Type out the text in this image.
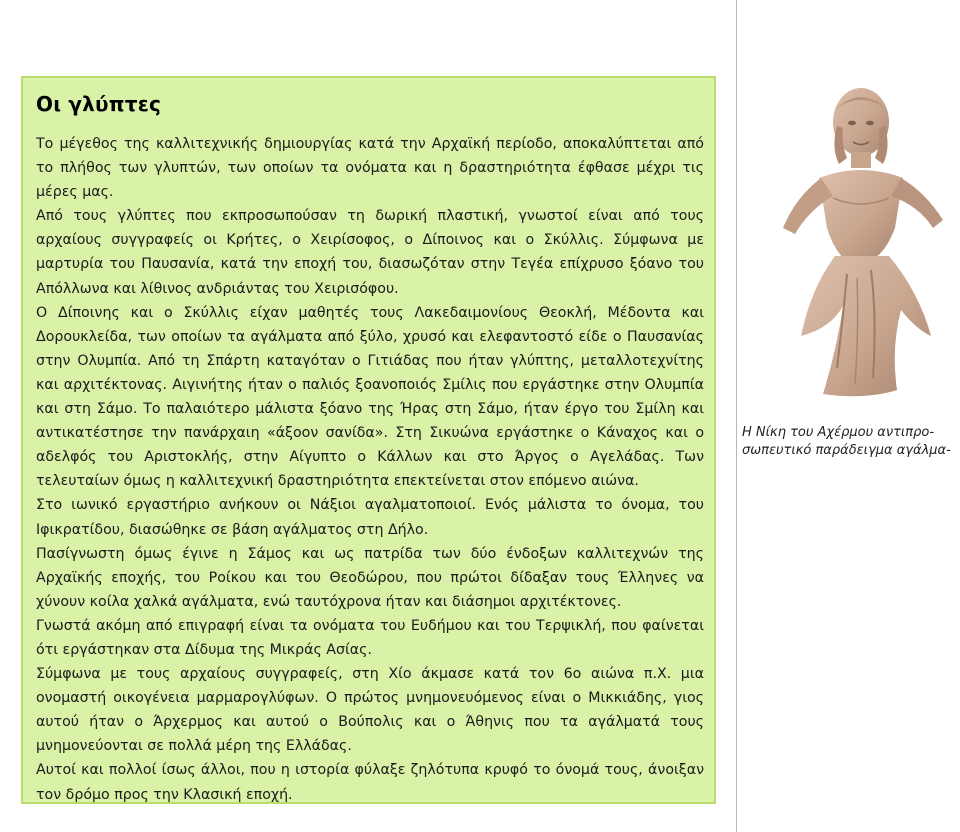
Οι γλύπτες

Το μέγεθος της καλλιτεχνικής δημιουργίας κατά την Αρχαϊκή περίοδο, αποκαλύπτεται από το πλήθος των γλυπτών, των οποίων τα ονόματα και η δραστηριότητα έφθασε μέχρι τις μέρες μας.

Από τους γλύπτες που εκπροσωπούσαν τη δωρική πλαστική, γνωστοί είναι από τους αρχαίους συγγραφείς οι Κρήτες, ο Χειρίσοφος, ο Δίποινος και ο Σκύλλις. Σύμφωνα με μαρτυρία του Παυσανία, κατά την εποχή του, διασωζόταν στην Τεγέα επίχρυσο ξόανο του Απόλλωνα και λίθινος ανδριάντας του Χειρισόφου.

Ο Δίποινης και ο Σκύλλις είχαν μαθητές τους Λακεδαιμονίους Θεοκλή, Μέδοντα και Δορουκλείδα, των οποίων τα αγάλματα από ξύλο, χρυσό και ελεφαντοστό είδε ο Παυσανίας στην Ολυμπία. Από τη Σπάρτη καταγόταν ο Γιτιάδας που ήταν γλύπτης, μεταλλοτεχνίτης και αρχιτέκτονας. Αιγινήτης ήταν ο παλιός ξοανοποιός Σμίλις που εργάστηκε στην Ολυμπία και στη Σάμο. Το παλαιότερο μάλιστα ξόανο της Ήρας στη Σάμο, ήταν έργο του Σμίλη και αντικατέστησε την πανάρχαιη «άξοον σανίδα». Στη Σικυώνα εργάστηκε ο Κάναχος και ο αδελφός του Αριστοκλής, στην Αίγυπτο ο Κάλλων και στο Άργος ο Αγελάδας. Των τελευταίων όμως η καλλιτεχνική δραστηριότητα επεκτείνεται στον επόμενο αιώνα.

Στο ιωνικό εργαστήριο ανήκουν οι Νάξιοι αγαλματοποιοί. Ενός μάλιστα το όνομα, του Ιφικρατίδου, διασώθηκε σε βάση αγάλματος στη Δήλο.

Πασίγνωστη όμως έγινε η Σάμος και ως πατρίδα των δύο ένδοξων καλλιτεχνών της Αρχαϊκής εποχής, του Ροίκου και του Θεοδώρου, που πρώτοι δίδαξαν τους Έλληνες να χύνουν κοίλα χαλκά αγάλματα, ενώ ταυτόχρονα ήταν και διάσημοι αρχιτέκτονες.

Γνωστά ακόμη από επιγραφή είναι τα ονόματα του Ευδήμου και του Τερψικλή, που φαίνεται ότι εργάστηκαν στα Δίδυμα της Μικράς Ασίας.

Σύμφωνα με τους αρχαίους συγγραφείς, στη Χίο άκμασε κατά τον 6ο αιώνα π.Χ. μια ονομαστή οικογένεια μαρμαρογλύφων. Ο πρώτος μνημονευόμενος είναι ο Μικκιάδης, γιος αυτού ήταν ο Άρχερμος και αυτού ο Βούπολις και ο Άθηνις που τα αγάλματά τους μνημονεύονται σε πολλά μέρη της Ελλάδας.

Αυτοί και πολλοί ίσως άλλοι, που η ιστορία φύλαξε ζηλότυπα κρυφό το όνομά τους, άνοιξαν τον δρόμο προς την Κλασική εποχή.

Η Νίκη του Αχέρμου αντιπρο-
σωπευτικό παράδειγμα αγάλμα-
